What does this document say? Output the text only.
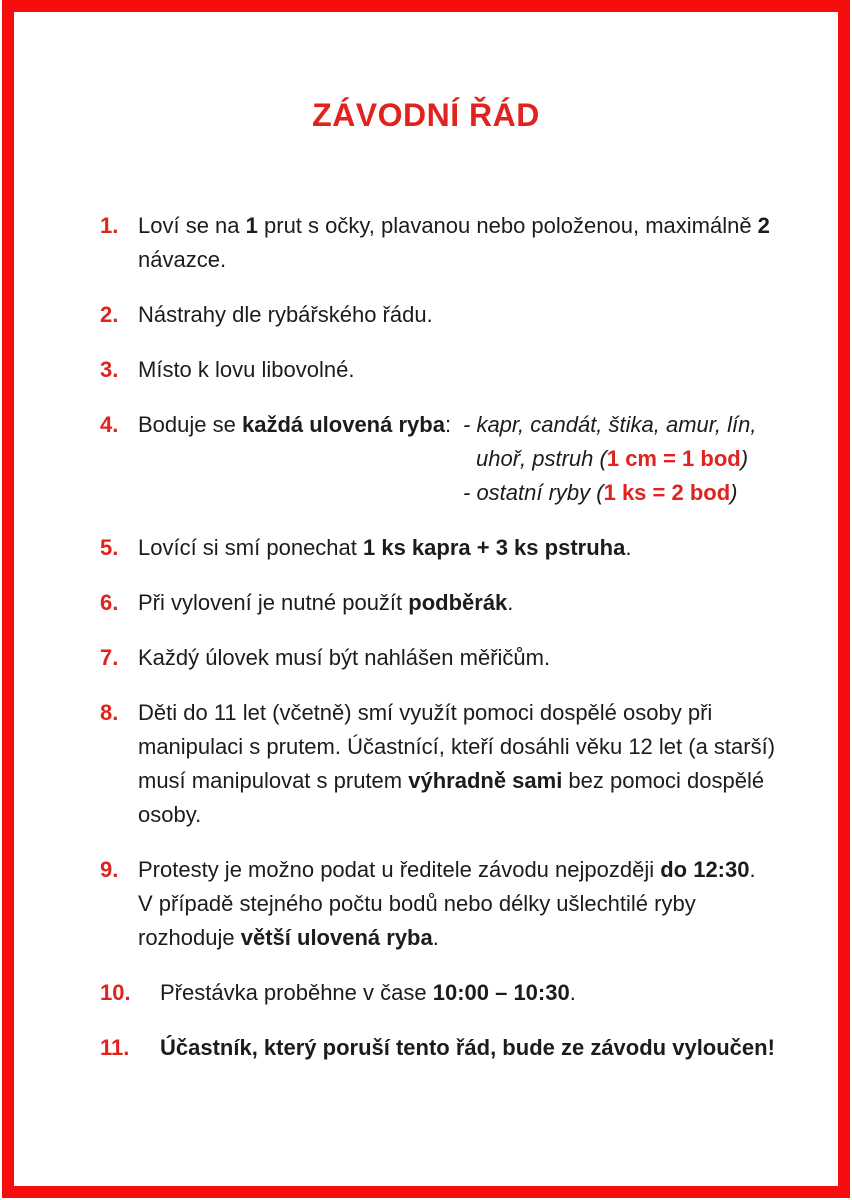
ZÁVODNÍ ŘÁD
1. Loví se na 1 prut s očky, plavanou nebo položenou, maximálně 2
návazce.
2. Nástrahy dle rybářského řádu.
3. Místo k lovu libovolné.
4. Boduje se každá ulovená ryba: - kapr, candát, štika, amur, lín,
uhoř, pstruh (1 cm = 1 bod)
- ostatní ryby (1 ks = 2 bod)
5. Lovící si smí ponechat 1 ks kapra + 3 ks pstruha.
6. Při vylovení je nutné použít podběrák.
7. Každý úlovek musí být nahlášen měřičům.
8. Děti do 11 let (včetně) smí využít pomoci dospělé osoby při
manipulaci s prutem. Účastnící, kteří dosáhli věku 12 let (a starší)
musí manipulovat s prutem výhradně sami bez pomoci dospělé
osoby.
9. Protesty je možno podat u ředitele závodu nejpozději do 12:30.
V případě stejného počtu bodů nebo délky ušlechtilé ryby
rozhoduje větší ulovená ryba.
10.	Přestávka proběhne v čase 10:00 – 10:30.
11.	Účastník, který poruší tento řád, bude ze závodu vyloučen!
